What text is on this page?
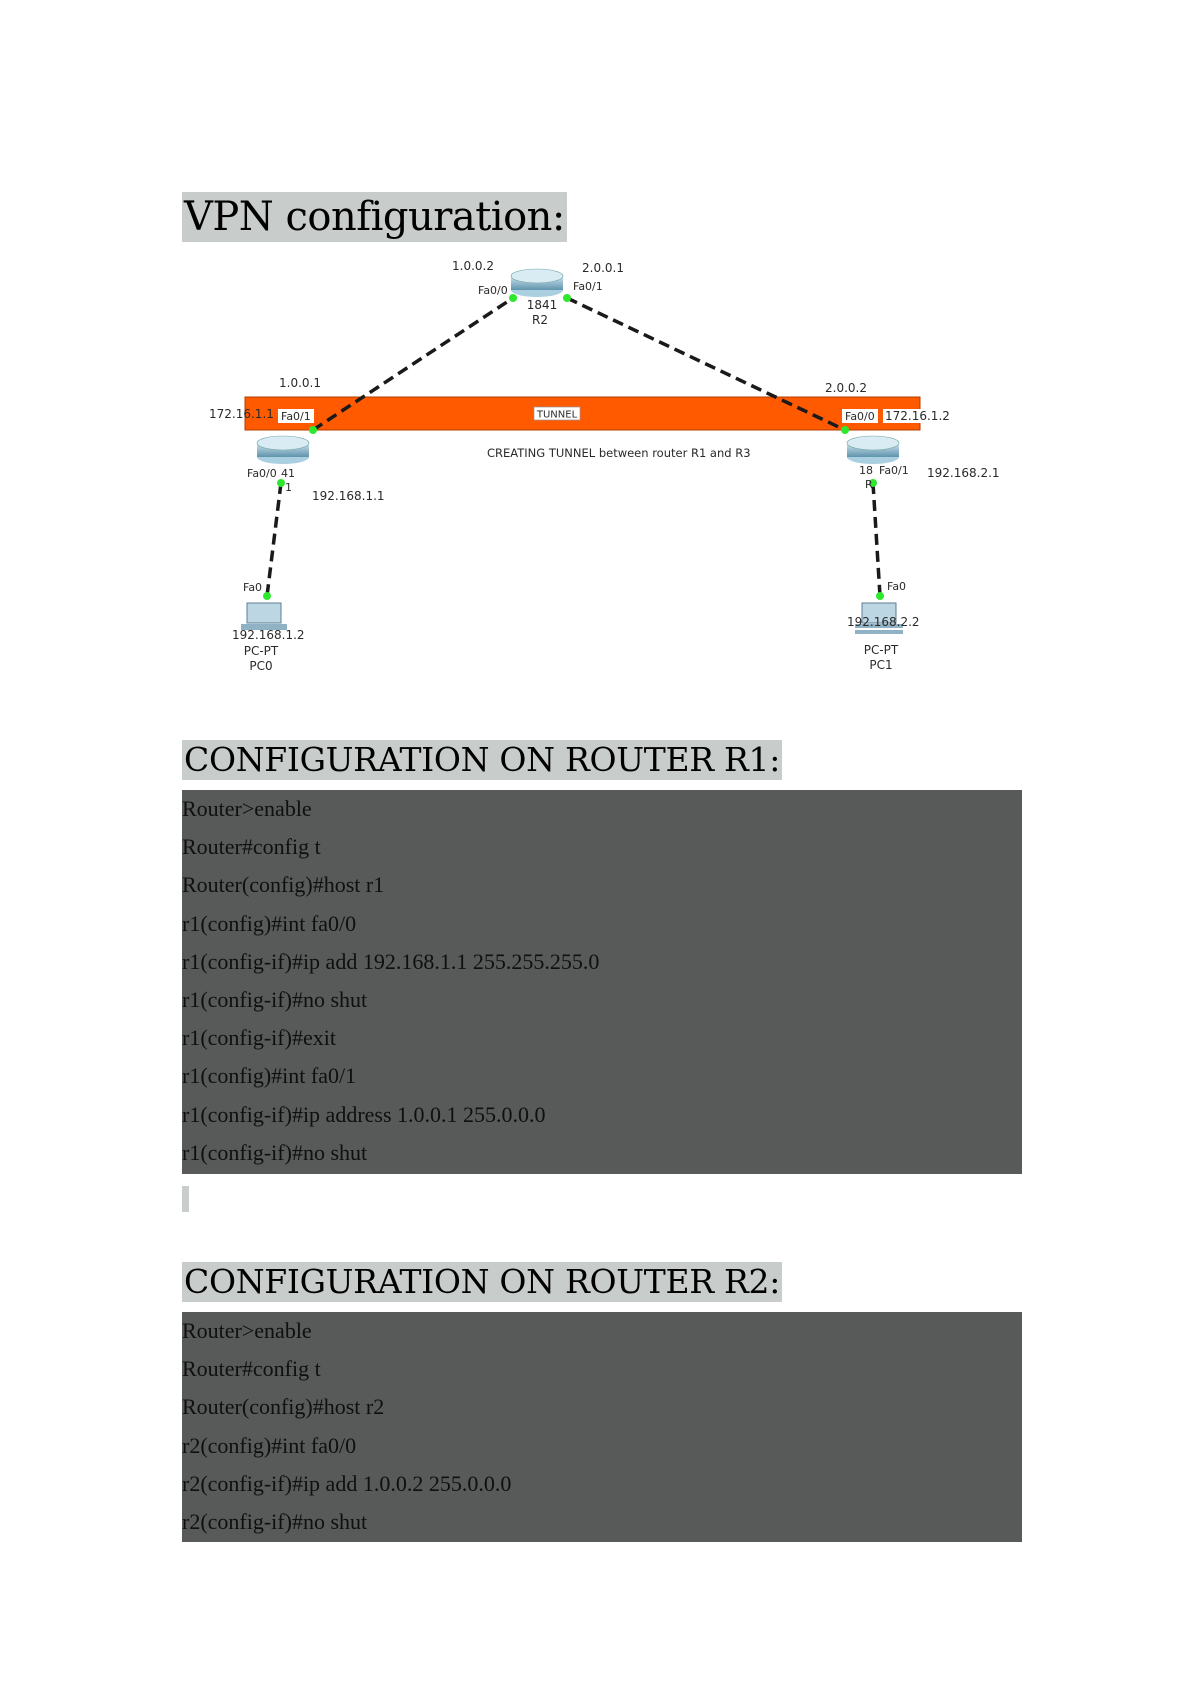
VPN configuration:
TUNNEL
1.0.0.2	2.0.0.1
Fa0/0	Fa0/1
1841
R2
1.0.0.1
172.16.1.1 Fa0/1
Fa0/0 41
1
192.168.1.1
2.0.0.2
Fa0/0 172.16.1.2
18 Fa0/1
R
192.168.2.1
CREATING TUNNEL between router R1 and R3
Fa0
192.168.1.2
PC-PT
PC0
Fa0
192.168.2.2
PC-PT
PC1
CONFIGURATION ON ROUTER R1:
Router>enable
Router#config t
Router(config)#host r1
r1(config)#int fa0/0
r1(config-if)#ip add 192.168.1.1 255.255.255.0
r1(config-if)#no shut
r1(config-if)#exit
r1(config)#int fa0/1
r1(config-if)#ip address 1.0.0.1 255.0.0.0
r1(config-if)#no shut
CONFIGURATION ON ROUTER R2:
Router>enable
Router#config t
Router(config)#host r2
r2(config)#int fa0/0
r2(config-if)#ip add 1.0.0.2 255.0.0.0
r2(config-if)#no shut
